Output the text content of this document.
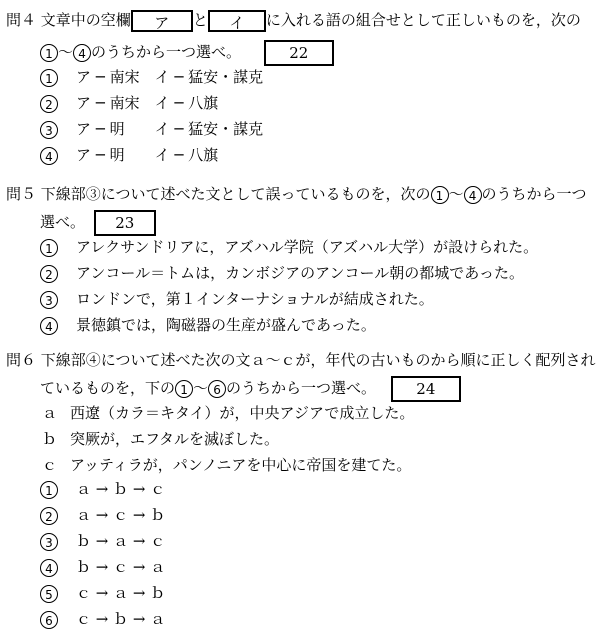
問４ 文章中の空欄 ア と イ に入れる語の組合せとして正しいものを，次の
1 〜 4 のうちから一つ選べ。	22
1 ア ─ 南宋　イ ─ 猛安・謀克
2 ア ─ 南宋　イ ─ 八旗
3 ア ─ 明　　イ ─ 猛安・謀克
4 ア ─ 明　　イ ─ 八旗
問５ 下線部③について述べた文として誤っているものを，次の 1 〜 4 のうちから一つ
選べ。 23
1 アレクサンドリアに，アズハル学院（アズハル大学）が設けられた。
2 アンコール＝トムは，カンボジアのアンコール朝の都城であった。
3 ロンドンで，第１インターナショナルが結成された。
4 景徳鎮では，陶磁器の生産が盛んであった。
問６ 下線部④について述べた次の文ａ〜ｃが，年代の古いものから順に正しく配列され
ているものを，下の 1 〜 6 のうちから一つ選べ。	24
ａ 西遼（カラ＝キタイ）が，中央アジアで成立した。
ｂ 突厥が，エフタルを滅ぼした。
ｃ アッティラが，パンノニアを中心に帝国を建てた。
1 ａ → ｂ → ｃ
2 ａ → ｃ → ｂ
3 ｂ → ａ → ｃ
4 ｂ → ｃ → ａ
5 ｃ → ａ → ｂ
6 ｃ → ｂ → ａ
